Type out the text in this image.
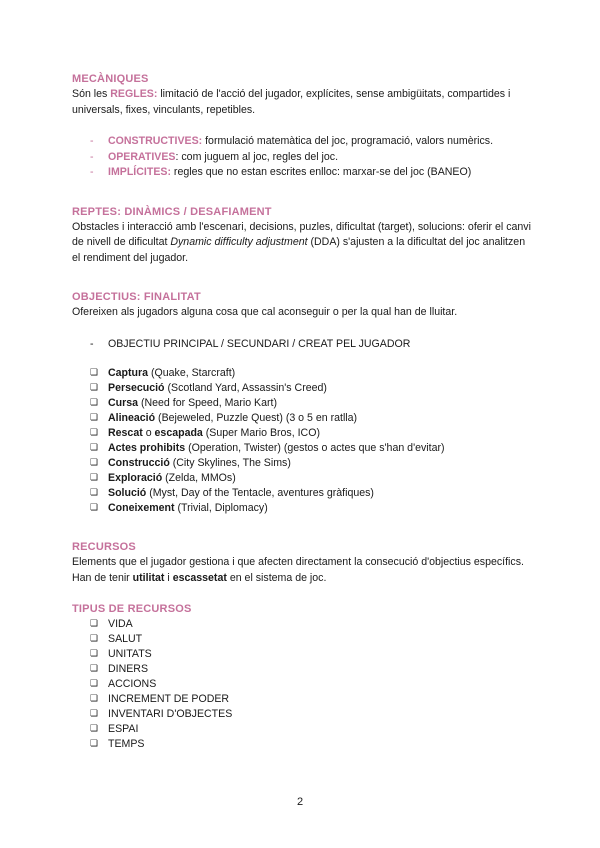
MECÀNIQUES
Són les REGLES: limitació de l'acció del jugador, explícites, sense ambigüitats, compartides i universals, fixes, vinculants, repetibles.
-	CONSTRUCTIVES: formulació matemàtica del joc, programació, valors numèrics.
-	OPERATIVES: com juguem al joc, regles del joc.
-	IMPLÍCITES: regles que no estan escrites enlloc: marxar-se del joc (BANEO)
REPTES: DINÀMICS / DESAFIAMENT
Obstacles i interacció amb l'escenari, decisions, puzles, dificultat (target), solucions: oferir el canvi de nivell de dificultat Dynamic difficulty adjustment (DDA) s'ajusten a la dificultat del joc analitzen el rendiment del jugador.
OBJECTIUS: FINALITAT
Ofereixen als jugadors alguna cosa que cal aconseguir o per la qual han de lluitar.
-	OBJECTIU PRINCIPAL / SECUNDARI / CREAT PEL JUGADOR
❏ Captura (Quake, Starcraft)
❏ Persecució (Scotland Yard, Assassin's Creed)
❏ Cursa (Need for Speed, Mario Kart)
❏ Alineació (Bejeweled, Puzzle Quest) (3 o 5 en ratlla)
❏ Rescat o escapada (Super Mario Bros, ICO)
❏ Actes prohibits (Operation, Twister) (gestos o actes que s'han d'evitar)
❏ Construcció (City Skylines, The Sims)
❏ Exploració (Zelda, MMOs)
❏ Solució (Myst, Day of the Tentacle, aventures gràfiques)
❏ Coneixement (Trivial, Diplomacy)
RECURSOS
Elements que el jugador gestiona i que afecten directament la consecució d'objectius específics. Han de tenir utilitat i escassetat en el sistema de joc.
TIPUS DE RECURSOS
❏ VIDA
❏ SALUT
❏ UNITATS
❏ DINERS
❏ ACCIONS
❏ INCREMENT DE PODER
❏ INVENTARI D'OBJECTES
❏ ESPAI
❏ TEMPS
2
